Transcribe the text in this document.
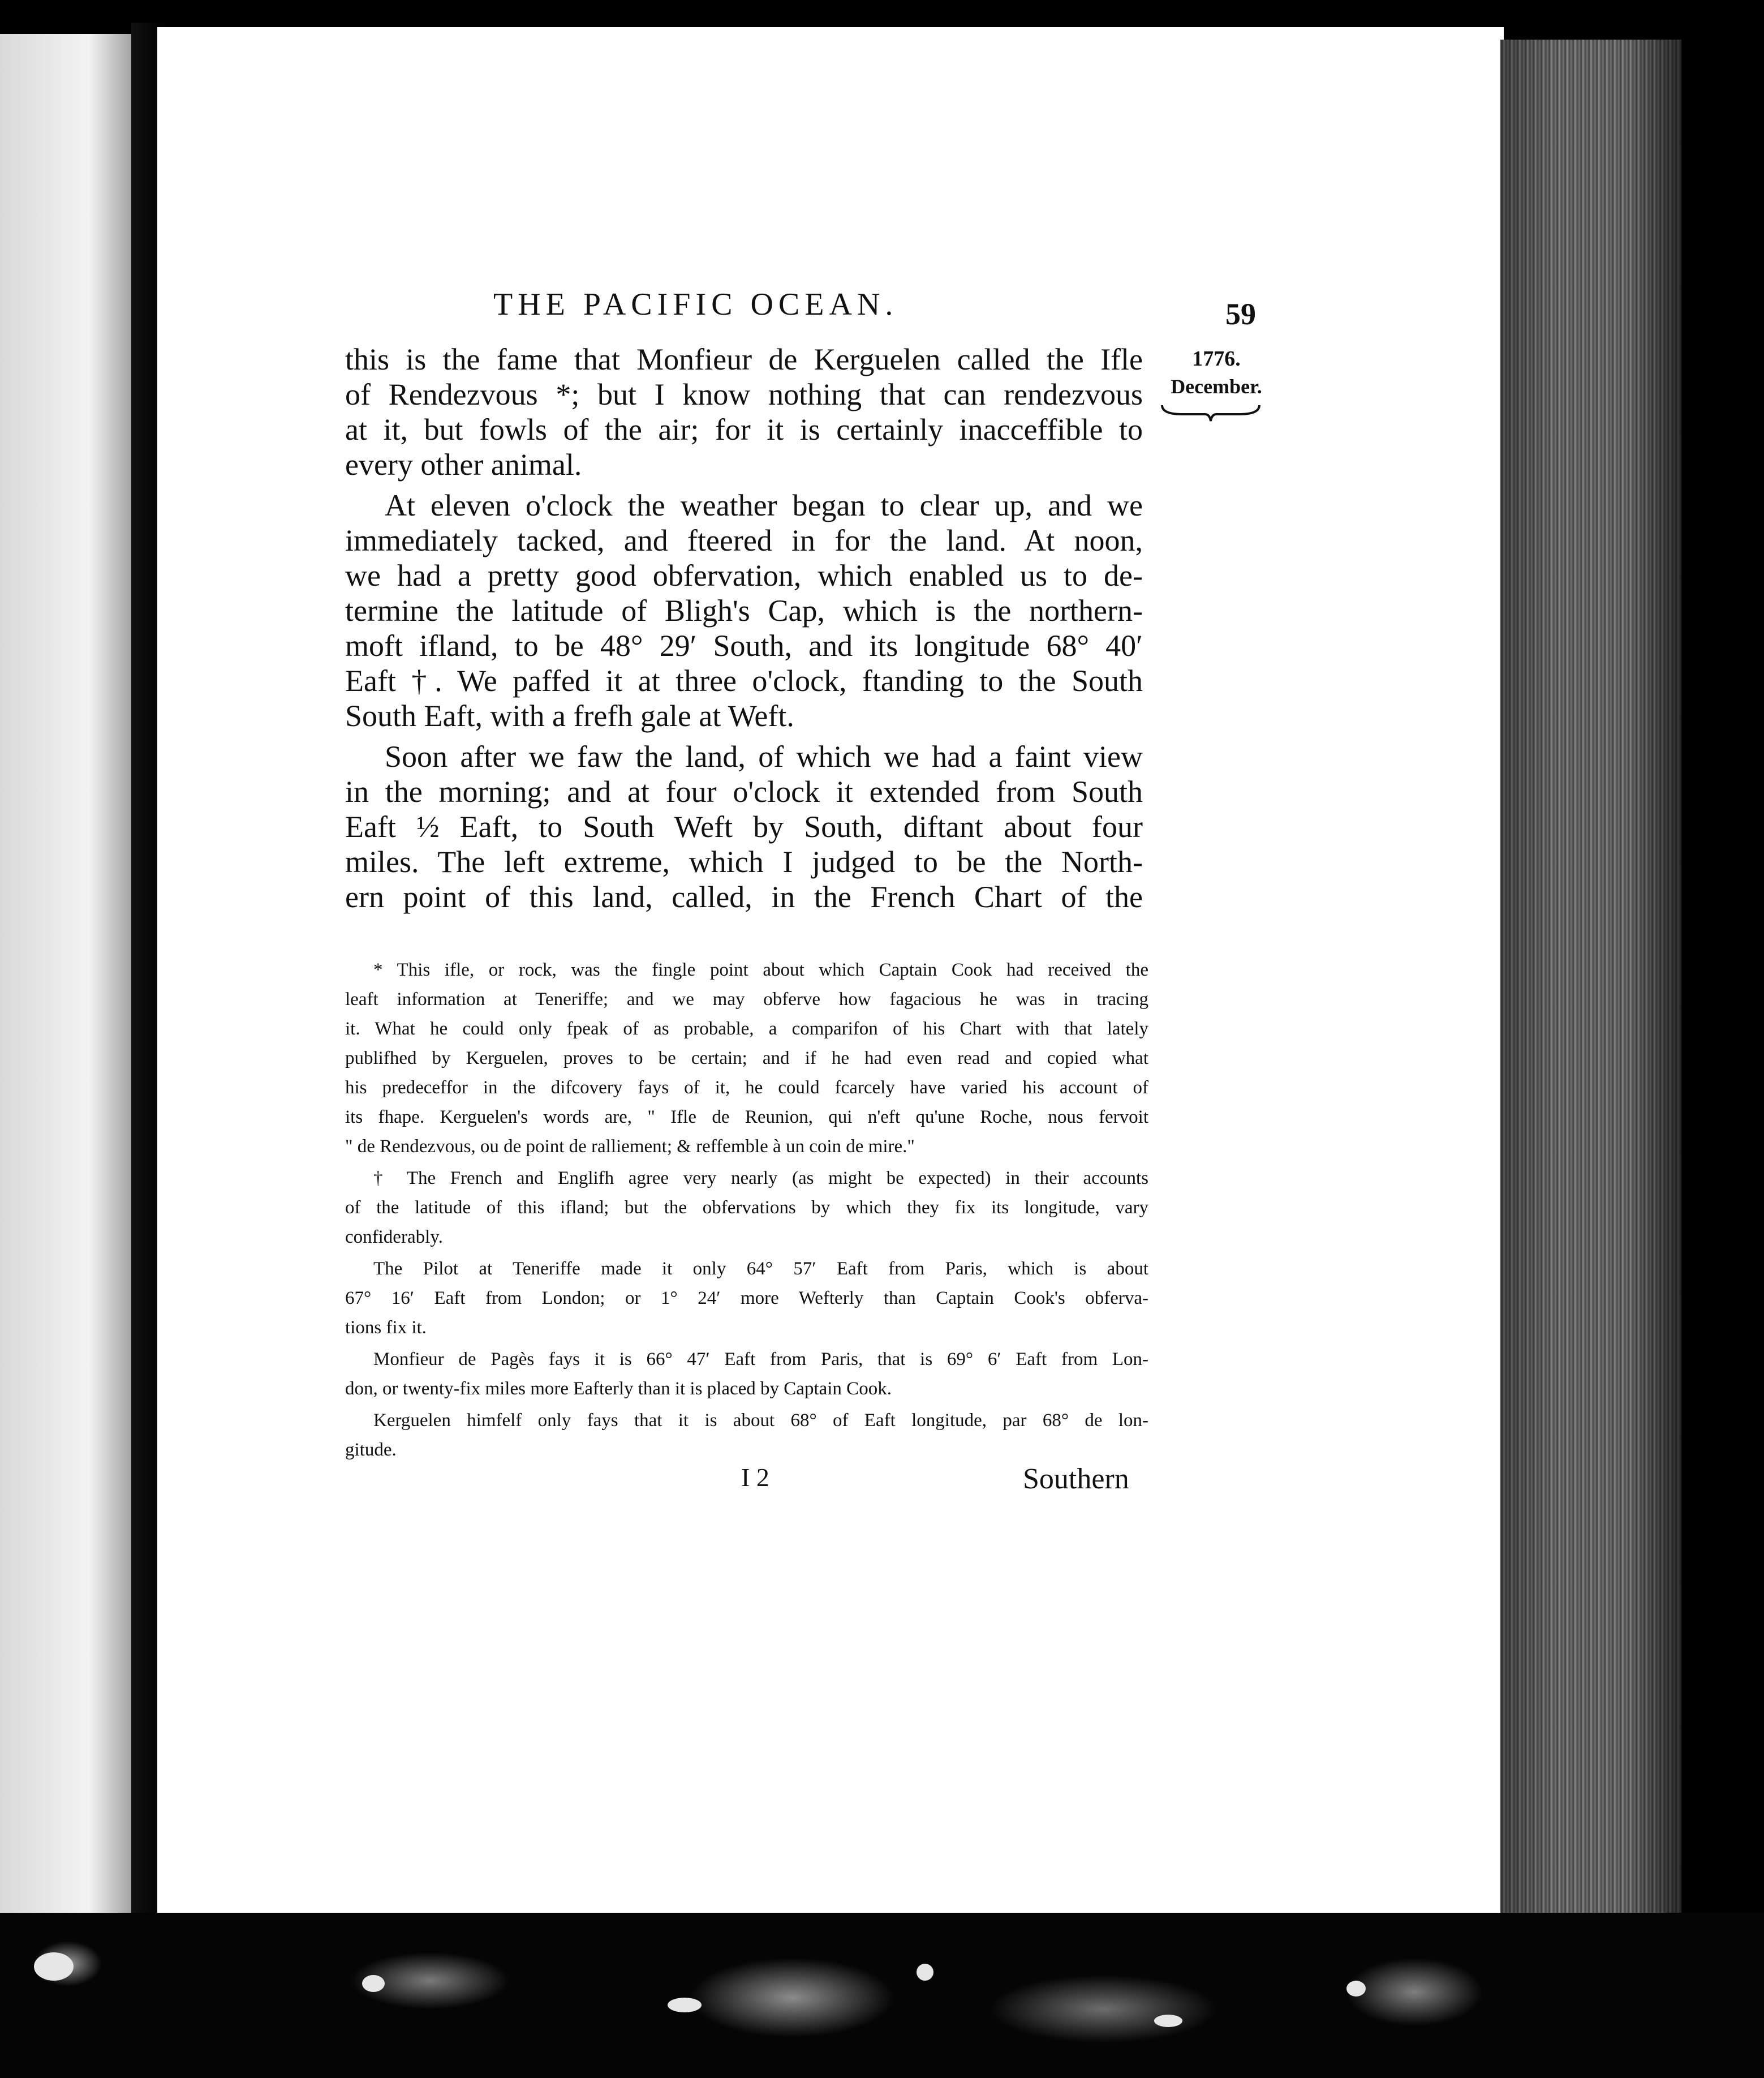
THE PACIFIC OCEAN.	59
1776.
December.
this is the fame that Monfieur de Kerguelen called the Ifle
of Rendezvous *; but I know nothing that can rendezvous
at it, but fowls of the air; for it is certainly inacceffible to
every other animal.
At eleven o'clock the weather began to clear up, and we
immediately tacked, and fteered in for the land. At noon,
we had a pretty good obfervation, which enabled us to de-
termine the latitude of Bligh's Cap, which is the northern-
moft ifland, to be 48° 29′ South, and its longitude 68° 40′
Eaft †. We paffed it at three o'clock, ftanding to the South
South Eaft, with a frefh gale at Weft.
Soon after we faw the land, of which we had a faint view
in the morning; and at four o'clock it extended from South
Eaft ½ Eaft, to South Weft by South, diftant about four
miles. The left extreme, which I judged to be the North-
ern point of this land, called, in the French Chart of the
* This ifle, or rock, was the fingle point about which Captain Cook had received the
leaft information at Teneriffe; and we may obferve how fagacious he was in tracing
it. What he could only fpeak of as probable, a comparifon of his Chart with that lately
publifhed by Kerguelen, proves to be certain; and if he had even read and copied what
his predeceffor in the difcovery fays of it, he could fcarcely have varied his account of
its fhape. Kerguelen's words are, " Ifle de Reunion, qui n'eft qu'une Roche, nous fervoit
" de Rendezvous, ou de point de ralliement; & reffemble à un coin de mire."
† The French and Englifh agree very nearly (as might be expected) in their accounts
of the latitude of this ifland; but the obfervations by which they fix its longitude, vary
confiderably.
The Pilot at Teneriffe made it only 64° 57′ Eaft from Paris, which is about
67° 16′ Eaft from London; or 1° 24′ more Wefterly than Captain Cook's obferva-
tions fix it.
Monfieur de Pagès fays it is 66° 47′ Eaft from Paris, that is 69° 6′ Eaft from Lon-
don, or twenty-fix miles more Eafterly than it is placed by Captain Cook.
Kerguelen himfelf only fays that it is about 68° of Eaft longitude, par 68° de lon-
gitude.
I 2	Southern
